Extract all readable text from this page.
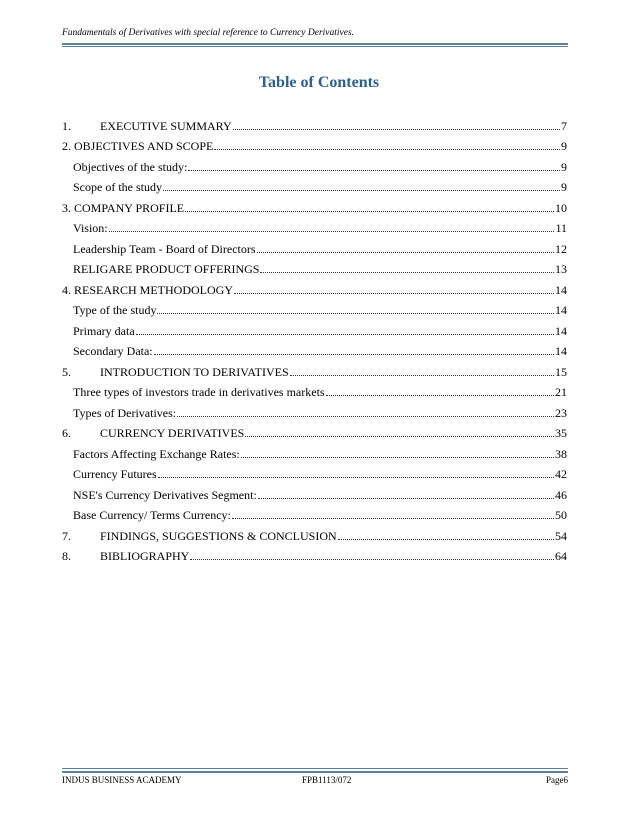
Fundamentals of Derivatives with special reference to Currency Derivatives.
Table of Contents
1.	EXECUTIVE SUMMARY	7
2. OBJECTIVES AND SCOPE	9
Objectives of the study:	9
Scope of the study	9
3. COMPANY PROFILE	10
Vision:	11
Leadership Team - Board of Directors	12
RELIGARE PRODUCT OFFERINGS	13
4. RESEARCH METHODOLOGY	14
Type of the study	14
Primary data	14
Secondary Data:	14
5.	INTRODUCTION TO DERIVATIVES	15
Three types of investors trade in derivatives markets	21
Types of Derivatives:	23
6.	CURRENCY DERIVATIVES	35
Factors Affecting Exchange Rates:	38
Currency Futures	42
NSE's Currency Derivatives Segment:	46
Base Currency/ Terms Currency:	50
7.	FINDINGS, SUGGESTIONS & CONCLUSION	54
8.	BIBLIOGRAPHY	64
INDUS BUSINESS ACADEMY	FPB1113/072	Page6
